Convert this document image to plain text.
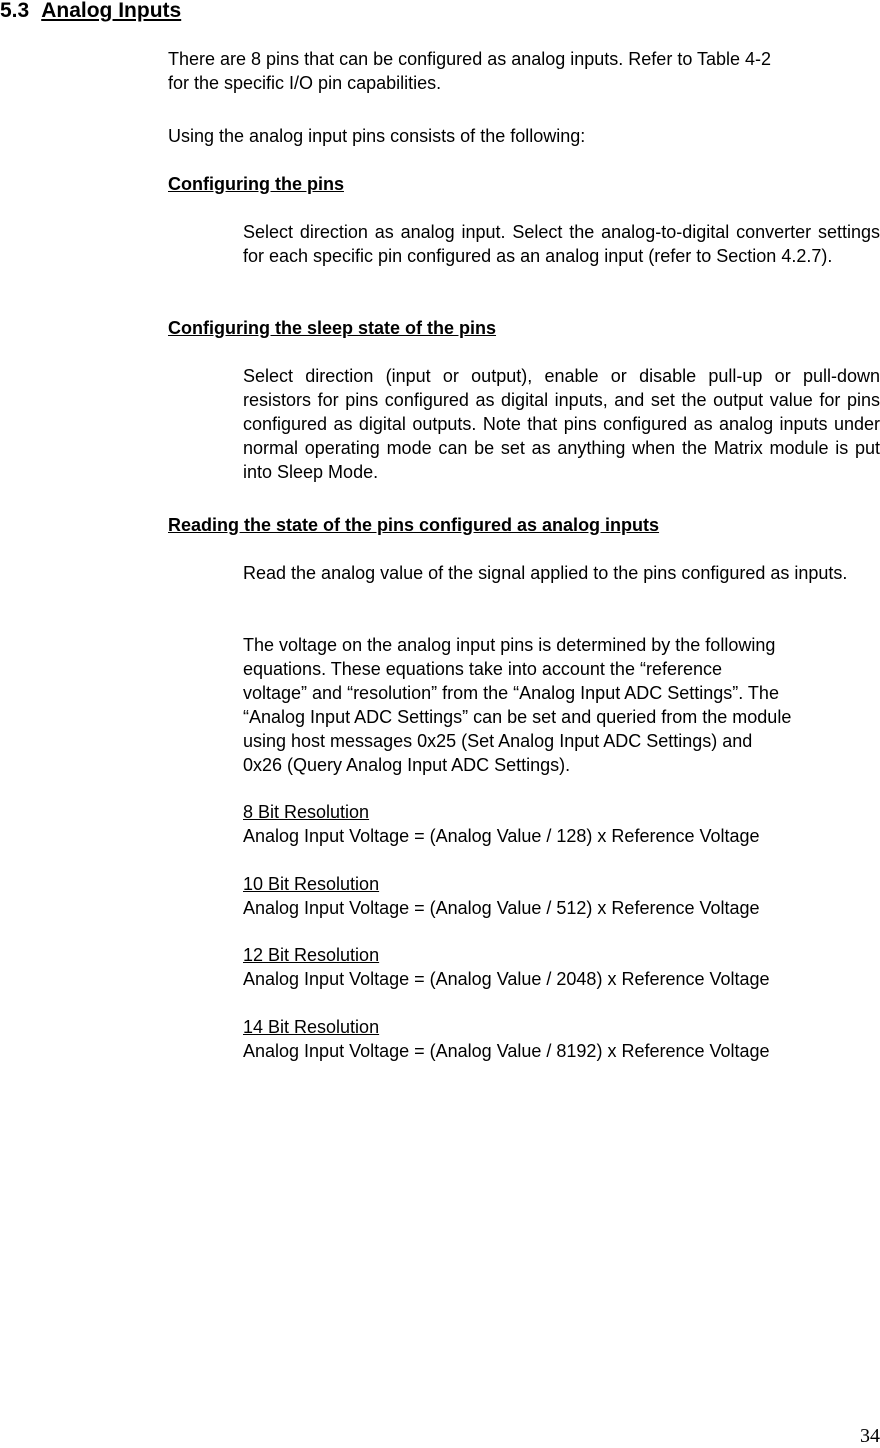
5.3 Analog Inputs
There are 8 pins that can be configured as analog inputs. Refer to Table 4-2
for the specific I/O pin capabilities.
Using the analog input pins consists of the following:
Configuring the pins
Select direction as analog input. Select the analog-to-digital converter settings for each specific pin configured as an analog input (refer to Section 4.2.7).
Configuring the sleep state of the pins
Select direction (input or output), enable or disable pull-up or pull-down resistors for pins configured as digital inputs, and set the output value for pins configured as digital outputs. Note that pins configured as analog inputs under normal operating mode can be set as anything when the Matrix module is put into Sleep Mode.
Reading the state of the pins configured as analog inputs
Read the analog value of the signal applied to the pins configured as inputs.
The voltage on the analog input pins is determined by the following
equations. These equations take into account the “reference
voltage” and “resolution” from the “Analog Input ADC Settings”. The
“Analog Input ADC Settings” can be set and queried from the module
using host messages 0x25 (Set Analog Input ADC Settings) and
0x26 (Query Analog Input ADC Settings).
8 Bit Resolution
Analog Input Voltage = (Analog Value / 128) x Reference Voltage
10 Bit Resolution
Analog Input Voltage = (Analog Value / 512) x Reference Voltage
12 Bit Resolution
Analog Input Voltage = (Analog Value / 2048) x Reference Voltage
14 Bit Resolution
Analog Input Voltage = (Analog Value / 8192) x Reference Voltage
34
